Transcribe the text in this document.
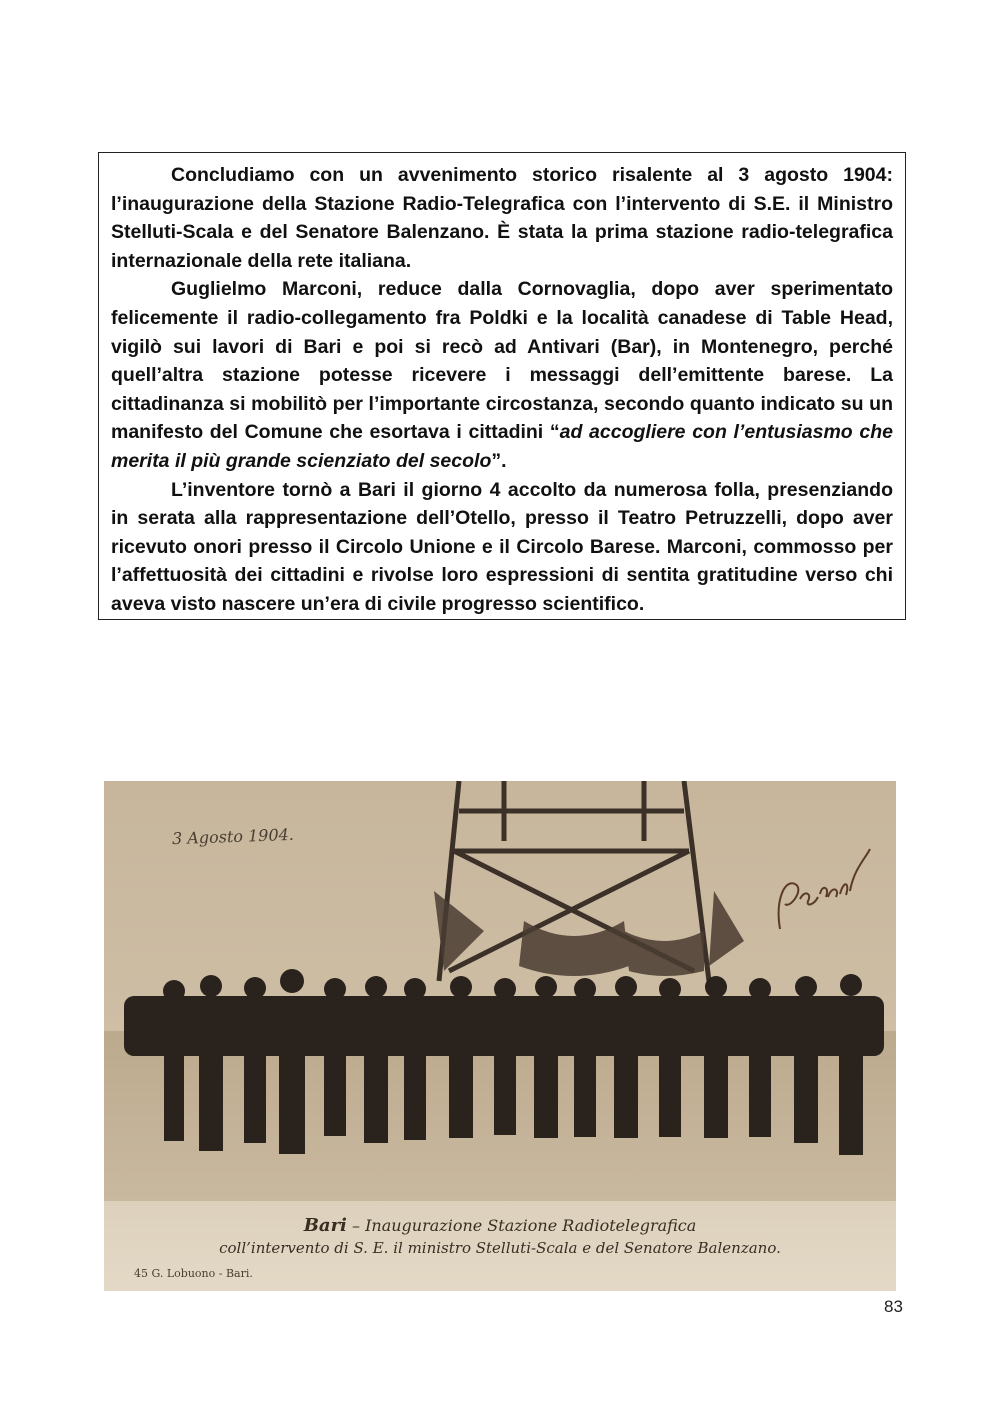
Concludiamo con un avvenimento storico risalente al 3 agosto 1904: l’inaugurazione della Stazione Radio-Telegrafica con l’intervento di S.E. il Ministro Stelluti-Scala e del Senatore Balenzano. È stata la prima stazione radio-telegrafica internazionale della rete italiana.

Guglielmo Marconi, reduce dalla Cornovaglia, dopo aver sperimentato felicemente il radio-collegamento fra Poldki e la località canadese di Table Head, vigilò sui lavori di Bari e poi si recò ad Antivari (Bar), in Montenegro, perché quell’altra stazione potesse ricevere i messaggi dell’emittente barese. La cittadinanza si mobilitò per l’importante circostanza, secondo quanto indicato su un manifesto del Comune che esortava i cittadini “ad accogliere con l’entusiasmo che merita il più grande scienziato del secolo”.

L’inventore tornò a Bari il giorno 4 accolto da numerosa folla, presenziando in serata alla rappresentazione dell’Otello, presso il Teatro Petruzzelli, dopo aver ricevuto onori presso il Circolo Unione e il Circolo Barese. Marconi, commosso per l’affettuosità dei cittadini e rivolse loro espressioni di sentita gratitudine verso chi aveva visto nascere un’era di civile progresso scientifico.

3 Agosto 1904.
Bari – Inaugurazione Stazione Radiotelegrafica
coll’intervento di S. E. il ministro Stelluti-Scala e del Senatore Balenzano.
45 G. Lobuono - Bari.
83
